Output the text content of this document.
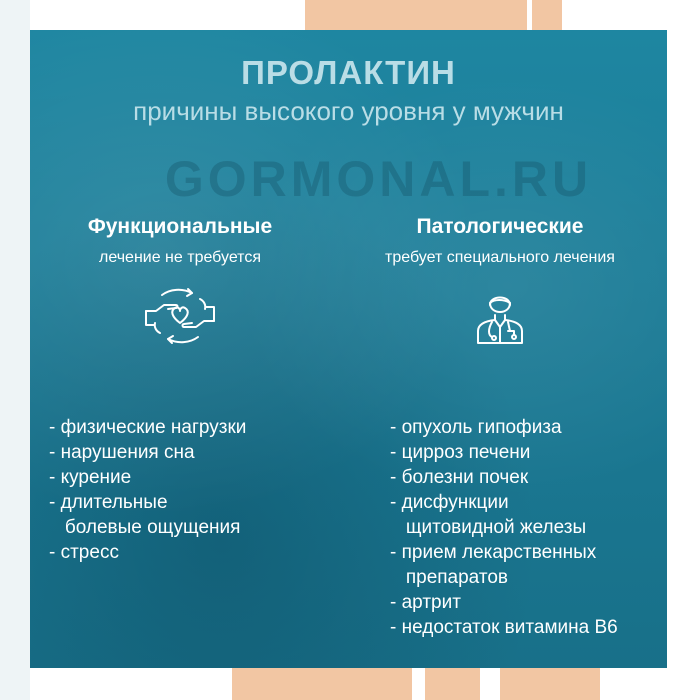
GORMONAL.RU
ПРОЛАКТИН
причины высокого уровня у мужчин
Функциональные
лечение не требуется
- физические нагрузки
- нарушения сна
- курение
- длительные
болевые ощущения
- стресс
Патологические
требует специального лечения
- опухоль гипофиза
- цирроз печени
- болезни почек
- дисфункции
щитовидной железы
- прием лекарственных
препаратов
- артрит
- недостаток витамина В6
